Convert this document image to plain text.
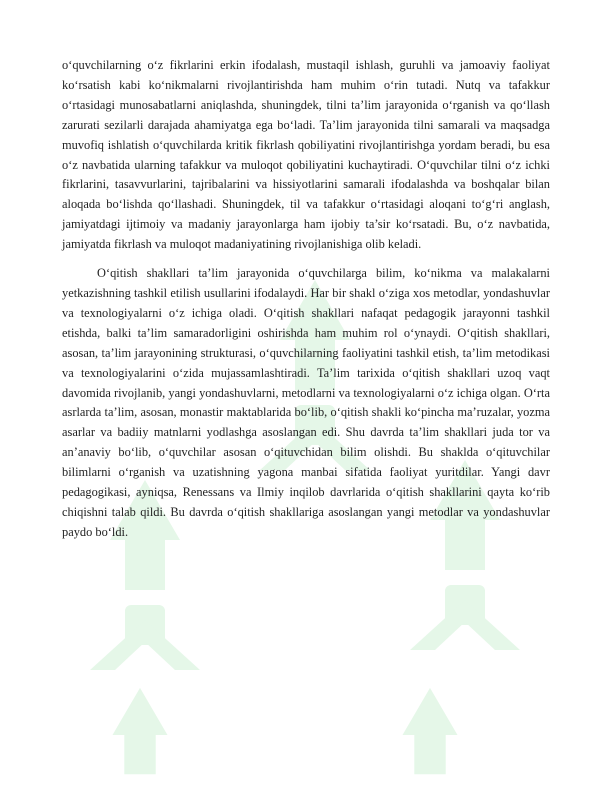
o‘quvchilarning o‘z fikrlarini erkin ifodalash, mustaqil ishlash, guruhli va jamoaviy faoliyat ko‘rsatish kabi ko‘nikmalarni rivojlantirishda ham muhim o‘rin tutadi. Nutq va tafakkur o‘rtasidagi munosabatlarni aniqlashda, shuningdek, tilni ta’lim jarayonida o‘rganish va qo‘llash zarurati sezilarli darajada ahamiyatga ega bo‘ladi. Ta’lim jarayonida tilni samarali va maqsadga muvofiq ishlatish o‘quvchilarda kritik fikrlash qobiliyatini rivojlantirishga yordam beradi, bu esa o‘z navbatida ularning tafakkur va muloqot qobiliyatini kuchaytiradi. O‘quvchilar tilni o‘z ichki fikrlarini, tasavvurlarini, tajribalarini va hissiyotlarini samarali ifodalashda va boshqalar bilan aloqada bo‘lishda qo‘llashadi. Shuningdek, til va tafakkur o‘rtasidagi aloqani to‘g‘ri anglash, jamiyatdagi ijtimoiy va madaniy jarayonlarga ham ijobiy ta’sir ko‘rsatadi. Bu, o‘z navbatida, jamiyatda fikrlash va muloqot madaniyatining rivojlanishiga olib keladi.

O‘qitish shakllari ta’lim jarayonida o‘quvchilarga bilim, ko‘nikma va malakalarni yetkazishning tashkil etilish usullarini ifodalaydi. Har bir shakl o‘ziga xos metodlar, yondashuvlar va texnologiyalarni o‘z ichiga oladi. O‘qitish shakllari nafaqat pedagogik jarayonni tashkil etishda, balki ta’lim samaradorligini oshirishda ham muhim rol o‘ynaydi. O‘qitish shakllari, asosan, ta’lim jarayonining strukturasi, o‘quvchilarning faoliyatini tashkil etish, ta’lim metodikasi va texnologiyalarini o‘zida mujassamlashtiradi. Ta’lim tarixida o‘qitish shakllari uzoq vaqt davomida rivojlanib, yangi yondashuvlarni, metodlarni va texnologiyalarni o‘z ichiga olgan. O‘rta asrlarda ta’lim, asosan, monastir maktablarida bo‘lib, o‘qitish shakli ko‘pincha ma’ruzalar, yozma asarlar va badiiy matnlarni yodlashga asoslangan edi. Shu davrda ta’lim shakllari juda tor va an’anaviy bo‘lib, o‘quvchilar asosan o‘qituvchidan bilim olishdi. Bu shaklda o‘qituvchilar bilimlarni o‘rganish va uzatishning yagona manbai sifatida faoliyat yuritdilar. Yangi davr pedagogikasi, ayniqsa, Renessans va Ilmiy inqilob davrlarida o‘qitish shakllarini qayta ko‘rib chiqishni talab qildi. Bu davrda o‘qitish shakllariga asoslangan yangi metodlar va yondashuvlar paydo bo‘ldi.
